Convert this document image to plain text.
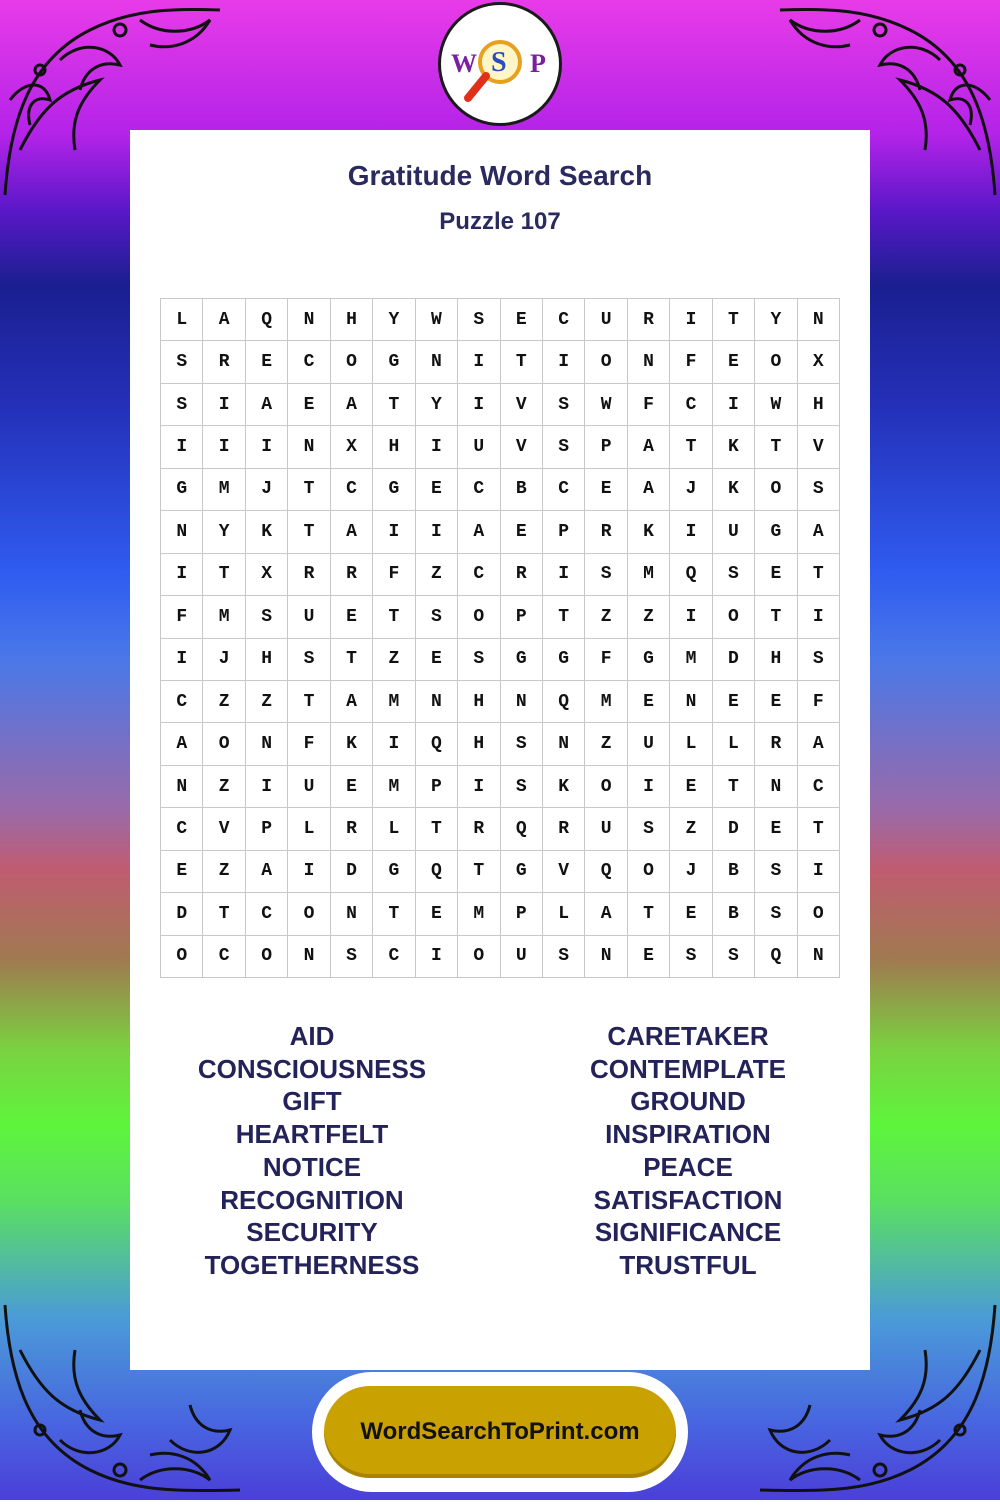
W S P
Gratitude Word Search
Puzzle 107
L	A	Q	N	H	Y	W	S	E	C	U	R	I	T	Y	N
S	R	E	C	O	G	N	I	T	I	O	N	F	E	O	X
S	I	A	E	A	T	Y	I	V	S	W	F	C	I	W	H
I	I	I	N	X	H	I	U	V	S	P	A	T	K	T	V
G	M	J	T	C	G	E	C	B	C	E	A	J	K	O	S
N	Y	K	T	A	I	I	A	E	P	R	K	I	U	G	A
I	T	X	R	R	F	Z	C	R	I	S	M	Q	S	E	T
F	M	S	U	E	T	S	O	P	T	Z	Z	I	O	T	I
I	J	H	S	T	Z	E	S	G	G	F	G	M	D	H	S
C	Z	Z	T	A	M	N	H	N	Q	M	E	N	E	E	F
A	O	N	F	K	I	Q	H	S	N	Z	U	L	L	R	A
N	Z	I	U	E	M	P	I	S	K	O	I	E	T	N	C
C	V	P	L	R	L	T	R	Q	R	U	S	Z	D	E	T
E	Z	A	I	D	G	Q	T	G	V	Q	O	J	B	S	I
D	T	C	O	N	T	E	M	P	L	A	T	E	B	S	O
O	C	O	N	S	C	I	O	U	S	N	E	S	S	Q	N
AID
CONSCIOUSNESS
GIFT
HEARTFELT
NOTICE
RECOGNITION
SECURITY
TOGETHERNESS
CARETAKER
CONTEMPLATE
GROUND
INSPIRATION
PEACE
SATISFACTION
SIGNIFICANCE
TRUSTFUL
WordSearchToPrint.com
